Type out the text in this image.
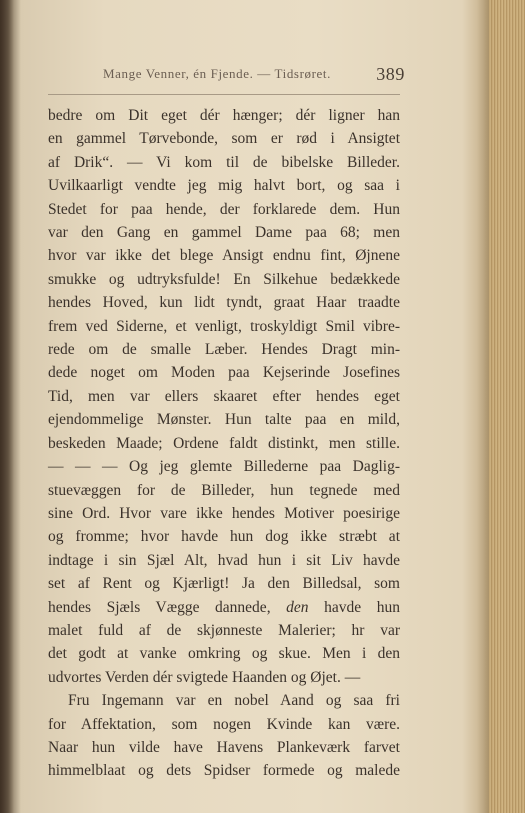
Mange Venner, én Fjende. — Tidsrøret.	389
bedre om Dit eget dér hænger; dér ligner han
en gammel Tørvebonde, som er rød i Ansigtet
af Drik“. — Vi kom til de bibelske Billeder.
Uvilkaarligt vendte jeg mig halvt bort, og saa i
Stedet for paa hende, der forklarede dem. Hun
var den Gang en gammel Dame paa 68; men
hvor var ikke det blege Ansigt endnu fint, Øjnene
smukke og udtryksfulde! En Silkehue bedækkede
hendes Hoved, kun lidt tyndt, graat Haar traadte
frem ved Siderne, et venligt, troskyldigt Smil vibre-
rede om de smalle Læber. Hendes Dragt min-
dede noget om Moden paa Kejserinde Josefines
Tid, men var ellers skaaret efter hendes eget
ejendommelige Mønster. Hun talte paa en mild,
beskeden Maade; Ordene faldt distinkt, men stille.
— — — Og jeg glemte Billederne paa Daglig-
stuevæggen for de Billeder, hun tegnede med
sine Ord. Hvor vare ikke hendes Motiver poesirige
og fromme; hvor havde hun dog ikke stræbt at
indtage i sin Sjæl Alt, hvad hun i sit Liv havde
set af Rent og Kjærligt! Ja den Billedsal, som
hendes Sjæls Vægge dannede, den havde hun
malet fuld af de skjønneste Malerier; hr var
det godt at vanke omkring og skue. Men i den
udvortes Verden dér svigtede Haanden og Øjet. —
Fru Ingemann var en nobel Aand og saa fri
for Affektation, som nogen Kvinde kan være.
Naar hun vilde have Havens Plankeværk farvet
himmelblaat og dets Spidser formede og malede
